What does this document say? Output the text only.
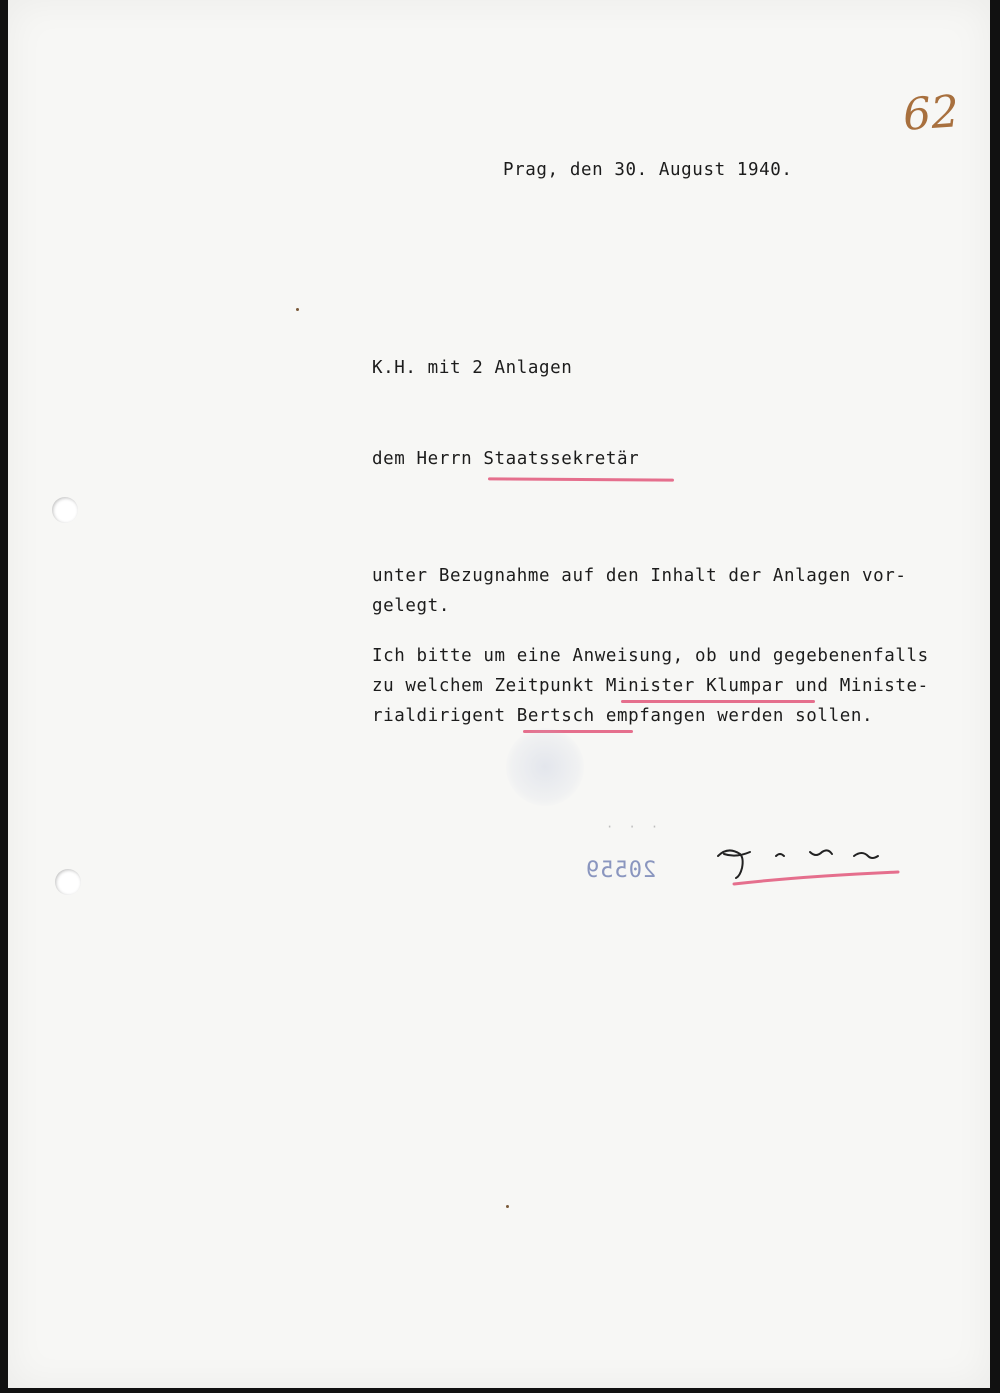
62
Prag, den 30. August 1940.
K.H. mit 2 Anlagen
dem Herrn Staatssekretär
unter Bezugnahme auf den Inhalt der Anlagen vor-
gelegt.
Ich bitte um eine Anweisung, ob und gegebenenfalls
zu welchem Zeitpunkt Minister Klumpar und Ministe-
rialdirigent Bertsch empfangen werden sollen.
· · ·
20559
